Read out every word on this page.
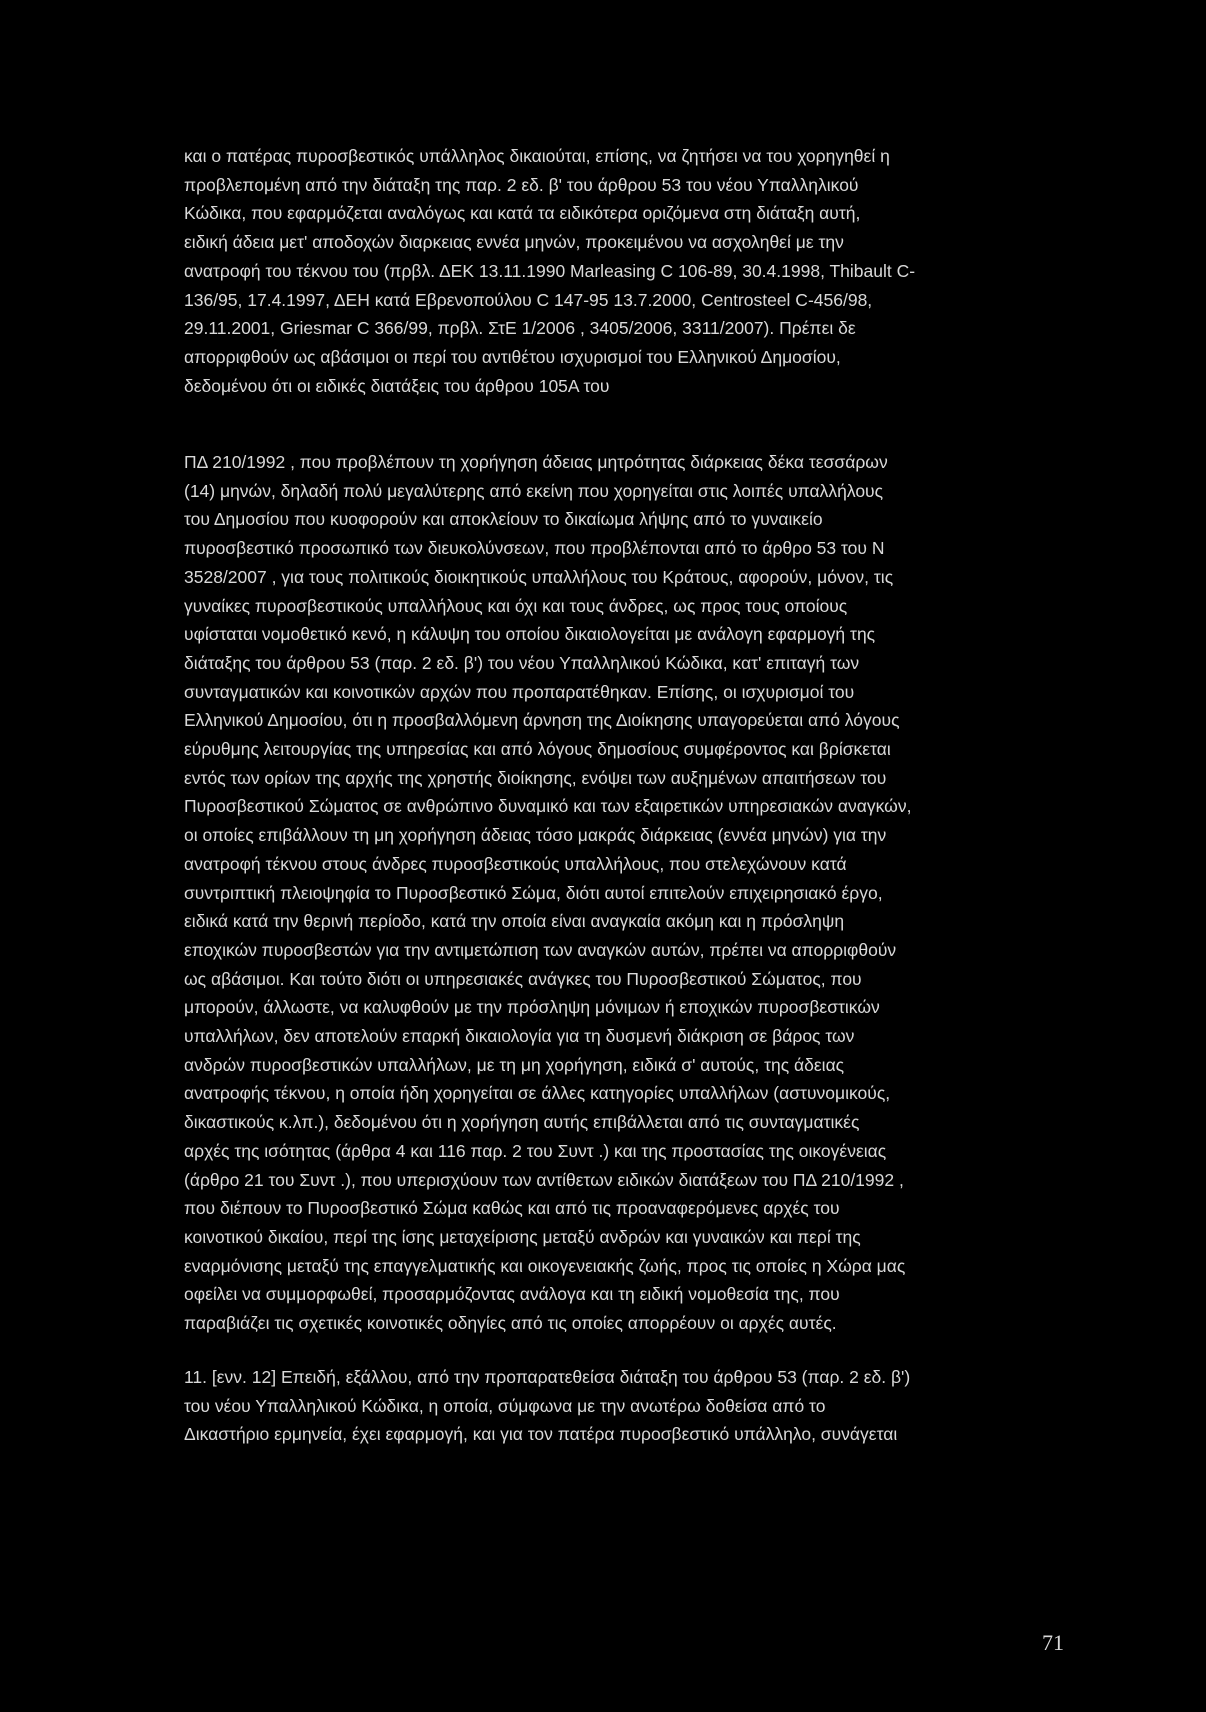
και ο πατέρας πυροσβεστικός υπάλληλος δικαιούται, επίσης, να ζητήσει να του χορηγηθεί η
προβλεπομένη από την διάταξη της παρ. 2 εδ. β' του άρθρου 53 του νέου Υπαλληλικού
Κώδικα, που εφαρμόζεται αναλόγως και κατά τα ειδικότερα οριζόμενα στη διάταξη αυτή,
ειδική άδεια μετ' αποδοχών διαρκειας εννέα μηνών, προκειμένου να ασχοληθεί με την
ανατροφή του τέκνου του (πρβλ. ΔΕΚ 13.11.1990 Marleasing C 106-89, 30.4.1998, Thibault C-
136/95, 17.4.1997, ΔΕΗ κατά Εβρενοπούλου C 147-95 13.7.2000, Centrosteel C-456/98,
29.11.2001, Griesmar C 366/99, πρβλ. ΣτΕ 1/2006 , 3405/2006, 3311/2007). Πρέπει δε
απορριφθούν ως αβάσιμοι οι περί του αντιθέτου ισχυρισμοί του Ελληνικού Δημοσίου,
δεδομένου ότι οι ειδικές διατάξεις του άρθρου 105Α του
ΠΔ 210/1992 , που προβλέπουν τη χορήγηση άδειας μητρότητας διάρκειας δέκα τεσσάρων
(14) μηνών, δηλαδή πολύ μεγαλύτερης από εκείνη που χορηγείται στις λοιπές υπαλλήλους
του Δημοσίου που κυοφορούν και αποκλείουν το δικαίωμα λήψης από το γυναικείο
πυροσβεστικό προσωπικό των διευκολύνσεων, που προβλέπονται από το άρθρο 53 του Ν
3528/2007 , για τους πολιτικούς διοικητικούς υπαλλήλους του Κράτους, αφορούν, μόνον, τις
γυναίκες πυροσβεστικούς υπαλλήλους και όχι και τους άνδρες, ως προς τους οποίους
υφίσταται νομοθετικό κενό, η κάλυψη του οποίου δικαιολογείται με ανάλογη εφαρμογή της
διάταξης του άρθρου 53 (παρ. 2 εδ. β') του νέου Υπαλληλικού Κώδικα, κατ' επιταγή των
συνταγματικών και κοινοτικών αρχών που προπαρατέθηκαν. Επίσης, οι ισχυρισμοί του
Ελληνικού Δημοσίου, ότι η προσβαλλόμενη άρνηση της Διοίκησης υπαγορεύεται από λόγους
εύρυθμης λειτουργίας της υπηρεσίας και από λόγους δημοσίους συμφέροντος και βρίσκεται
εντός των ορίων της αρχής της χρηστής διοίκησης, ενόψει των αυξημένων απαιτήσεων του
Πυροσβεστικού Σώματος σε ανθρώπινο δυναμικό και των εξαιρετικών υπηρεσιακών αναγκών,
οι οποίες επιβάλλουν τη μη χορήγηση άδειας τόσο μακράς διάρκειας (εννέα μηνών) για την
ανατροφή τέκνου στους άνδρες πυροσβεστικούς υπαλλήλους, που στελεχώνουν κατά
συντριπτική πλειοψηφία το Πυροσβεστικό Σώμα, διότι αυτοί επιτελούν επιχειρησιακό έργο,
ειδικά κατά την θερινή περίοδο, κατά την οποία είναι αναγκαία ακόμη και η πρόσληψη
εποχικών πυροσβεστών για την αντιμετώπιση των αναγκών αυτών, πρέπει να απορριφθούν
ως αβάσιμοι. Και τούτο διότι οι υπηρεσιακές ανάγκες του Πυροσβεστικού Σώματος, που
μπορούν, άλλωστε, να καλυφθούν με την πρόσληψη μόνιμων ή εποχικών πυροσβεστικών
υπαλλήλων, δεν αποτελούν επαρκή δικαιολογία για τη δυσμενή διάκριση σε βάρος των
ανδρών πυροσβεστικών υπαλλήλων, με τη μη χορήγηση, ειδικά σ' αυτούς, της άδειας
ανατροφής τέκνου, η οποία ήδη χορηγείται σε άλλες κατηγορίες υπαλλήλων (αστυνομικούς,
δικαστικούς κ.λπ.), δεδομένου ότι η χορήγηση αυτής επιβάλλεται από τις συνταγματικές
αρχές της ισότητας (άρθρα 4 και 116 παρ. 2 του Συντ .) και της προστασίας της οικογένειας
(άρθρο 21 του Συντ .), που υπερισχύουν των αντίθετων ειδικών διατάξεων του ΠΔ 210/1992 ,
που διέπουν το Πυροσβεστικό Σώμα καθώς και από τις προαναφερόμενες αρχές του
κοινοτικού δικαίου, περί της ίσης μεταχείρισης μεταξύ ανδρών και γυναικών και περί της
εναρμόνισης μεταξύ της επαγγελματικής και οικογενειακής ζωής, προς τις οποίες η Χώρα μας
οφείλει να συμμορφωθεί, προσαρμόζοντας ανάλογα και τη ειδική νομοθεσία της, που
παραβιάζει τις σχετικές κοινοτικές οδηγίες από τις οποίες απορρέουν οι αρχές αυτές.
11. [ενν. 12] Επειδή, εξάλλου, από την προπαρατεθείσα διάταξη του άρθρου 53 (παρ. 2 εδ. β')
του νέου Υπαλληλικού Κώδικα, η οποία, σύμφωνα με την ανωτέρω δοθείσα από το
Δικαστήριο ερμηνεία, έχει εφαρμογή, και για τον πατέρα πυροσβεστικό υπάλληλο, συνάγεται
71
